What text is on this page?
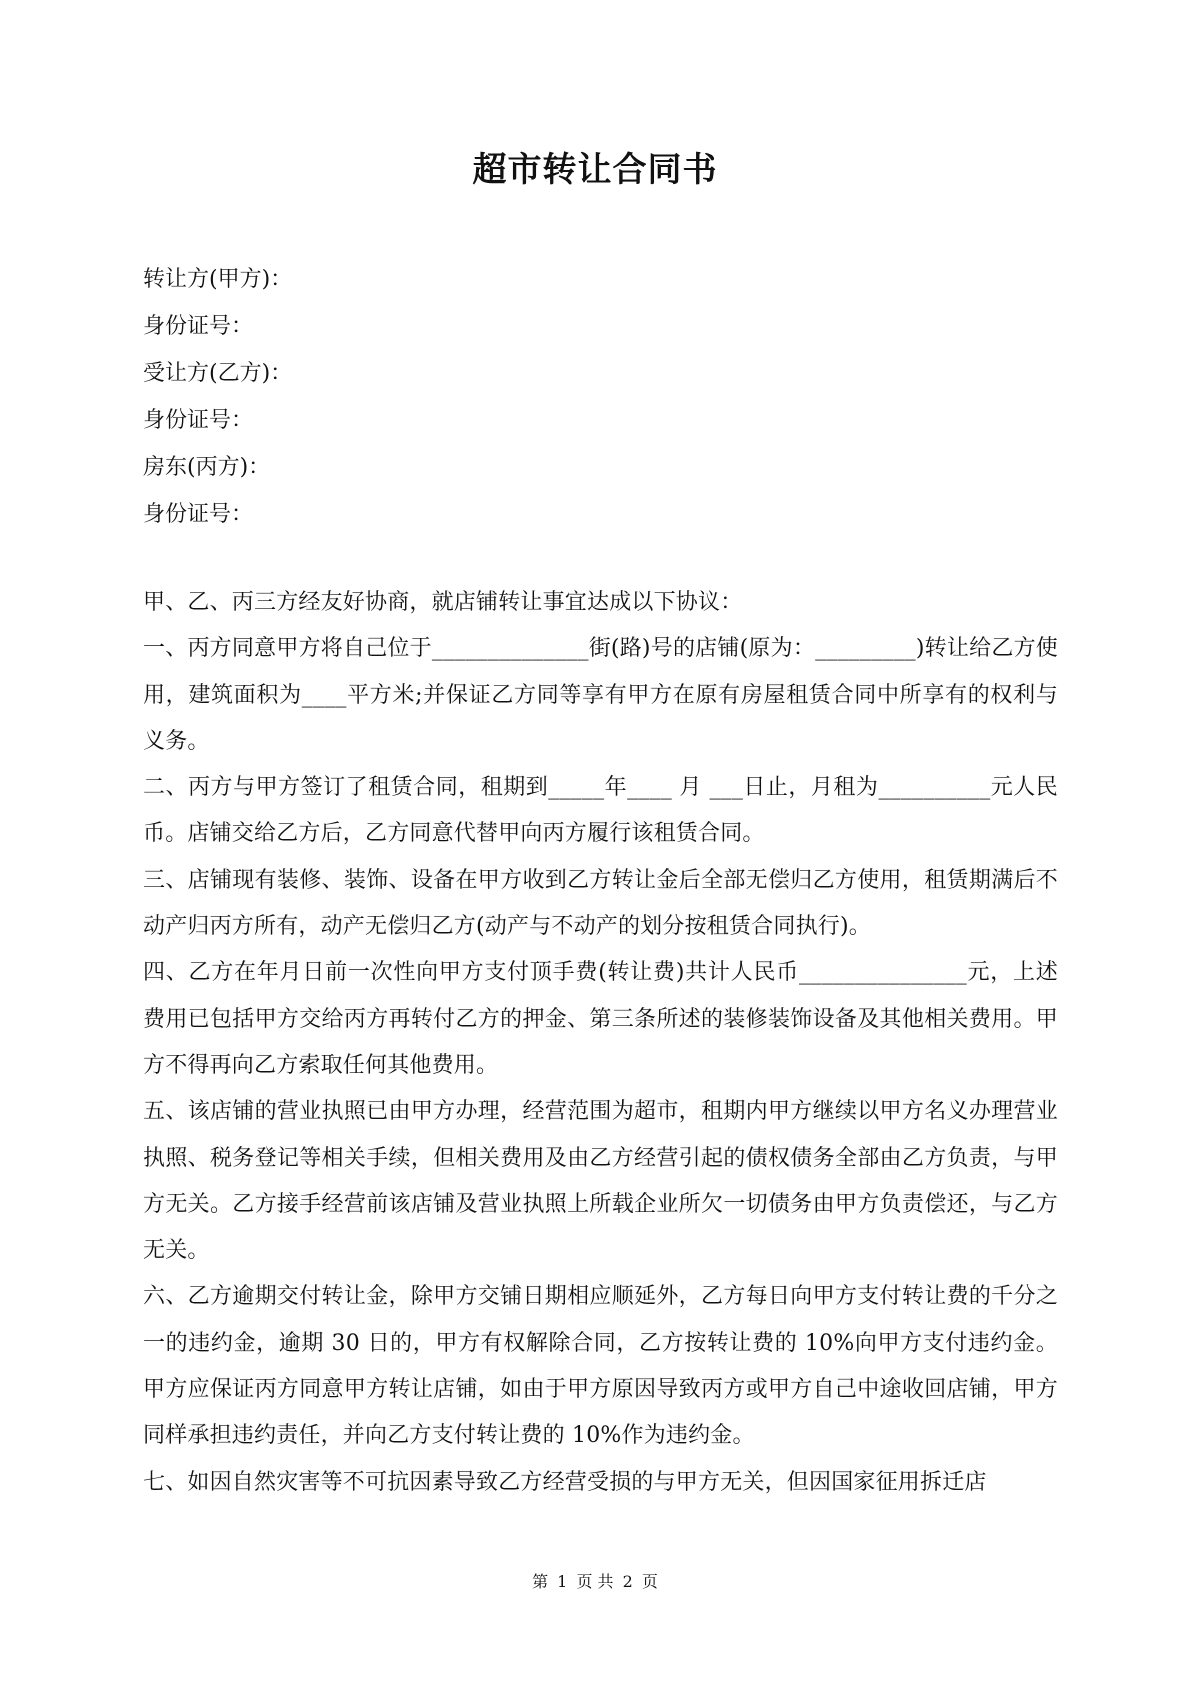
超市转让合同书
转让方(甲方)：
身份证号：
受让方(乙方)：
身份证号：
房东(丙方)：
身份证号：

甲、乙、丙三方经友好协商，就店铺转让事宜达成以下协议：

一、丙方同意甲方将自己位于______________街(路)号的店铺(原为：_________)转让给乙方使用，建筑面积为____平方米;并保证乙方同等享有甲方在原有房屋租赁合同中所享有的权利与义务。

二、丙方与甲方签订了租赁合同，租期到_____年____ 月 ___日止，月租为__________元人民币。店铺交给乙方后，乙方同意代替甲向丙方履行该租赁合同。

三、店铺现有装修、装饰、设备在甲方收到乙方转让金后全部无偿归乙方使用，租赁期满后不动产归丙方所有，动产无偿归乙方(动产与不动产的划分按租赁合同执行)。

四、乙方在年月日前一次性向甲方支付顶手费(转让费)共计人民币_______________元，上述费用已包括甲方交给丙方再转付乙方的押金、第三条所述的装修装饰设备及其他相关费用。甲方不得再向乙方索取任何其他费用。

五、该店铺的营业执照已由甲方办理，经营范围为超市，租期内甲方继续以甲方名义办理营业执照、税务登记等相关手续，但相关费用及由乙方经营引起的债权债务全部由乙方负责，与甲方无关。乙方接手经营前该店铺及营业执照上所载企业所欠一切债务由甲方负责偿还，与乙方无关。

六、乙方逾期交付转让金，除甲方交铺日期相应顺延外，乙方每日向甲方支付转让费的千分之一的违约金，逾期 30 日的，甲方有权解除合同，乙方按转让费的 10%向甲方支付违约金。甲方应保证丙方同意甲方转让店铺，如由于甲方原因导致丙方或甲方自己中途收回店铺，甲方同样承担违约责任，并向乙方支付转让费的 10%作为违约金。

七、如因自然灾害等不可抗因素导致乙方经营受损的与甲方无关，但因国家征用拆迁店

第 1 页 共 2 页
